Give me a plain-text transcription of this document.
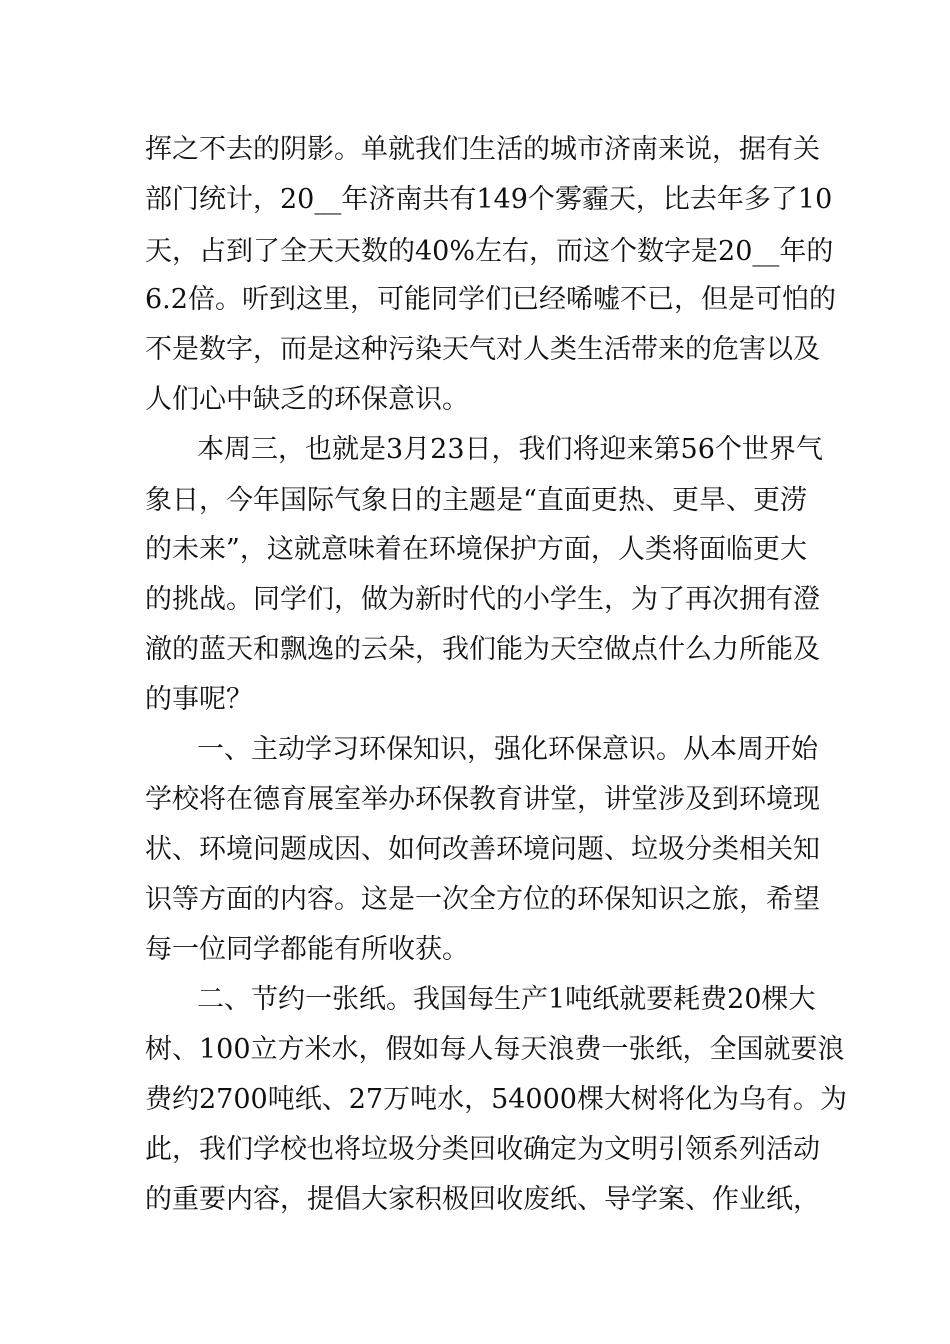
挥之不去的阴影。单就我们生活的城市济南来说，据有关

部门统计，20__年济南共有149个雾霾天，比去年多了10

天，占到了全天天数的40%左右，而这个数字是20__年的

6.2倍。听到这里，可能同学们已经唏嘘不已，但是可怕的

不是数字，而是这种污染天气对人类生活带来的危害以及

人们心中缺乏的环保意识。

本周三，也就是3月23日，我们将迎来第56个世界气

象日，今年国际气象日的主题是“直面更热、更旱、更涝

的未来”，这就意味着在环境保护方面，人类将面临更大

的挑战。同学们，做为新时代的小学生，为了再次拥有澄

澈的蓝天和飘逸的云朵，我们能为天空做点什么力所能及

的事呢？

一、主动学习环保知识，强化环保意识。从本周开始

学校将在德育展室举办环保教育讲堂，讲堂涉及到环境现

状、环境问题成因、如何改善环境问题、垃圾分类相关知

识等方面的内容。这是一次全方位的环保知识之旅，希望

每一位同学都能有所收获。

二、节约一张纸。我国每生产1吨纸就要耗费20棵大

树、100立方米水，假如每人每天浪费一张纸，全国就要浪

费约2700吨纸、27万吨水，54000棵大树将化为乌有。为

此，我们学校也将垃圾分类回收确定为文明引领系列活动

的重要内容，提倡大家积极回收废纸、导学案、作业纸，
